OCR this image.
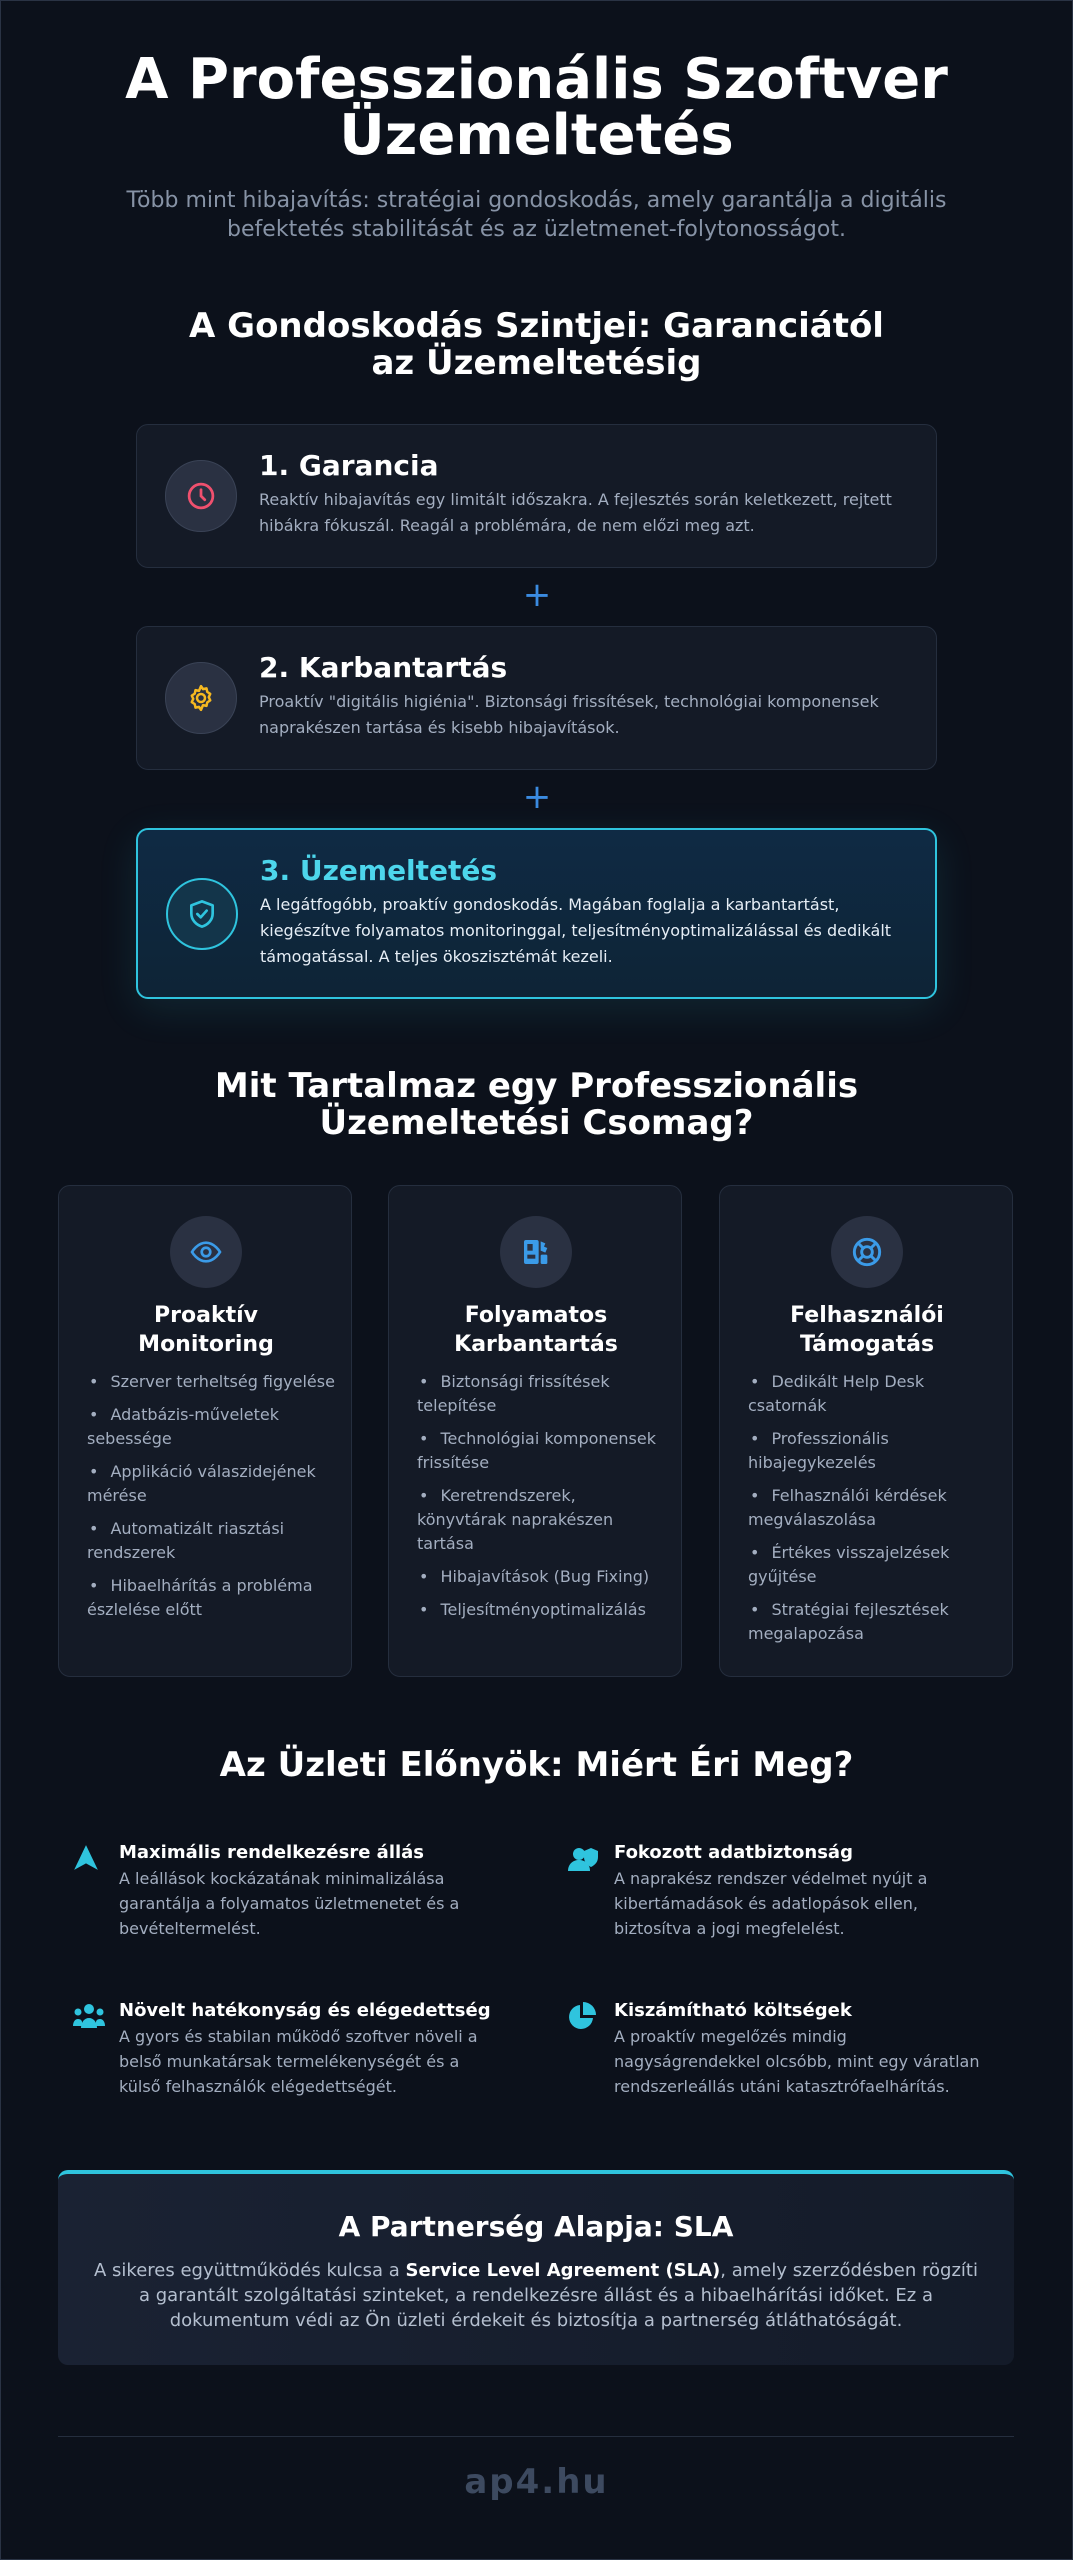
A Professzionális Szoftver Üzemeltetés

Több mint hibajavítás: stratégiai gondoskodás, amely garantálja a digitális befektetés stabilitását és az üzletmenet-folytonosságot.

A Gondoskodás Szintjei: Garanciától az Üzemeltetésig
1. Garancia
Reaktív hibajavítás egy limitált időszakra. A fejlesztés során keletkezett, rejtett hibákra fókuszál. Reagál a problémára, de nem előzi meg azt.
+
2. Karbantartás
Proaktív "digitális higiénia". Biztonsági frissítések, technológiai komponensek naprakészen tartása és kisebb hibajavítások.
+
3. Üzemeltetés
A legátfogóbb, proaktív gondoskodás. Magában foglalja a karbantartást, kiegészítve folyamatos monitoringgal, teljesítményoptimalizálással és dedikált támogatással. A teljes ökoszisztémát kezeli.
Mit Tartalmaz egy Professzionális Üzemeltetési Csomag?
Proaktív Monitoring
• Szerver terheltség figyelése
• Adatbázis-műveletek sebessége
• Applikáció válaszidejének mérése
• Automatizált riasztási rendszerek
• Hibaelhárítás a probléma észlelése előtt
Folyamatos Karbantartás
• Biztonsági frissítések telepítése
• Technológiai komponensek frissítése
• Keretrendszerek, könyvtárak naprakészen tartása
• Hibajavítások (Bug Fixing)
• Teljesítményoptimalizálás
Felhasználói Támogatás
• Dedikált Help Desk csatornák
• Professzionális hibajegykezelés
• Felhasználói kérdések megválaszolása
• Értékes visszajelzések gyűjtése
• Stratégiai fejlesztések megalapozása
Az Üzleti Előnyök: Miért Éri Meg?
Maximális rendelkezésre állás
A leállások kockázatának minimalizálása garantálja a folyamatos üzletmenetet és a bevételtermelést.
Fokozott adatbiztonság
A naprakész rendszer védelmet nyújt a kibertámadások és adatlopások ellen, biztosítva a jogi megfelelést.
Növelt hatékonyság és elégedettség
A gyors és stabilan működő szoftver növeli a belső munkatársak termelékenységét és a külső felhasználók elégedettségét.
Kiszámítható költségek
A proaktív megelőzés mindig nagyságrendekkel olcsóbb, mint egy váratlan rendszerleállás utáni katasztrófaelhárítás.
A Partnerség Alapja: SLA
A sikeres együttműködés kulcsa a Service Level Agreement (SLA), amely szerződésben rögzíti a garantált szolgáltatási szinteket, a rendelkezésre állást és a hibaelhárítási időket. Ez a dokumentum védi az Ön üzleti érdekeit és biztosítja a partnerség átláthatóságát.
ap4.hu
